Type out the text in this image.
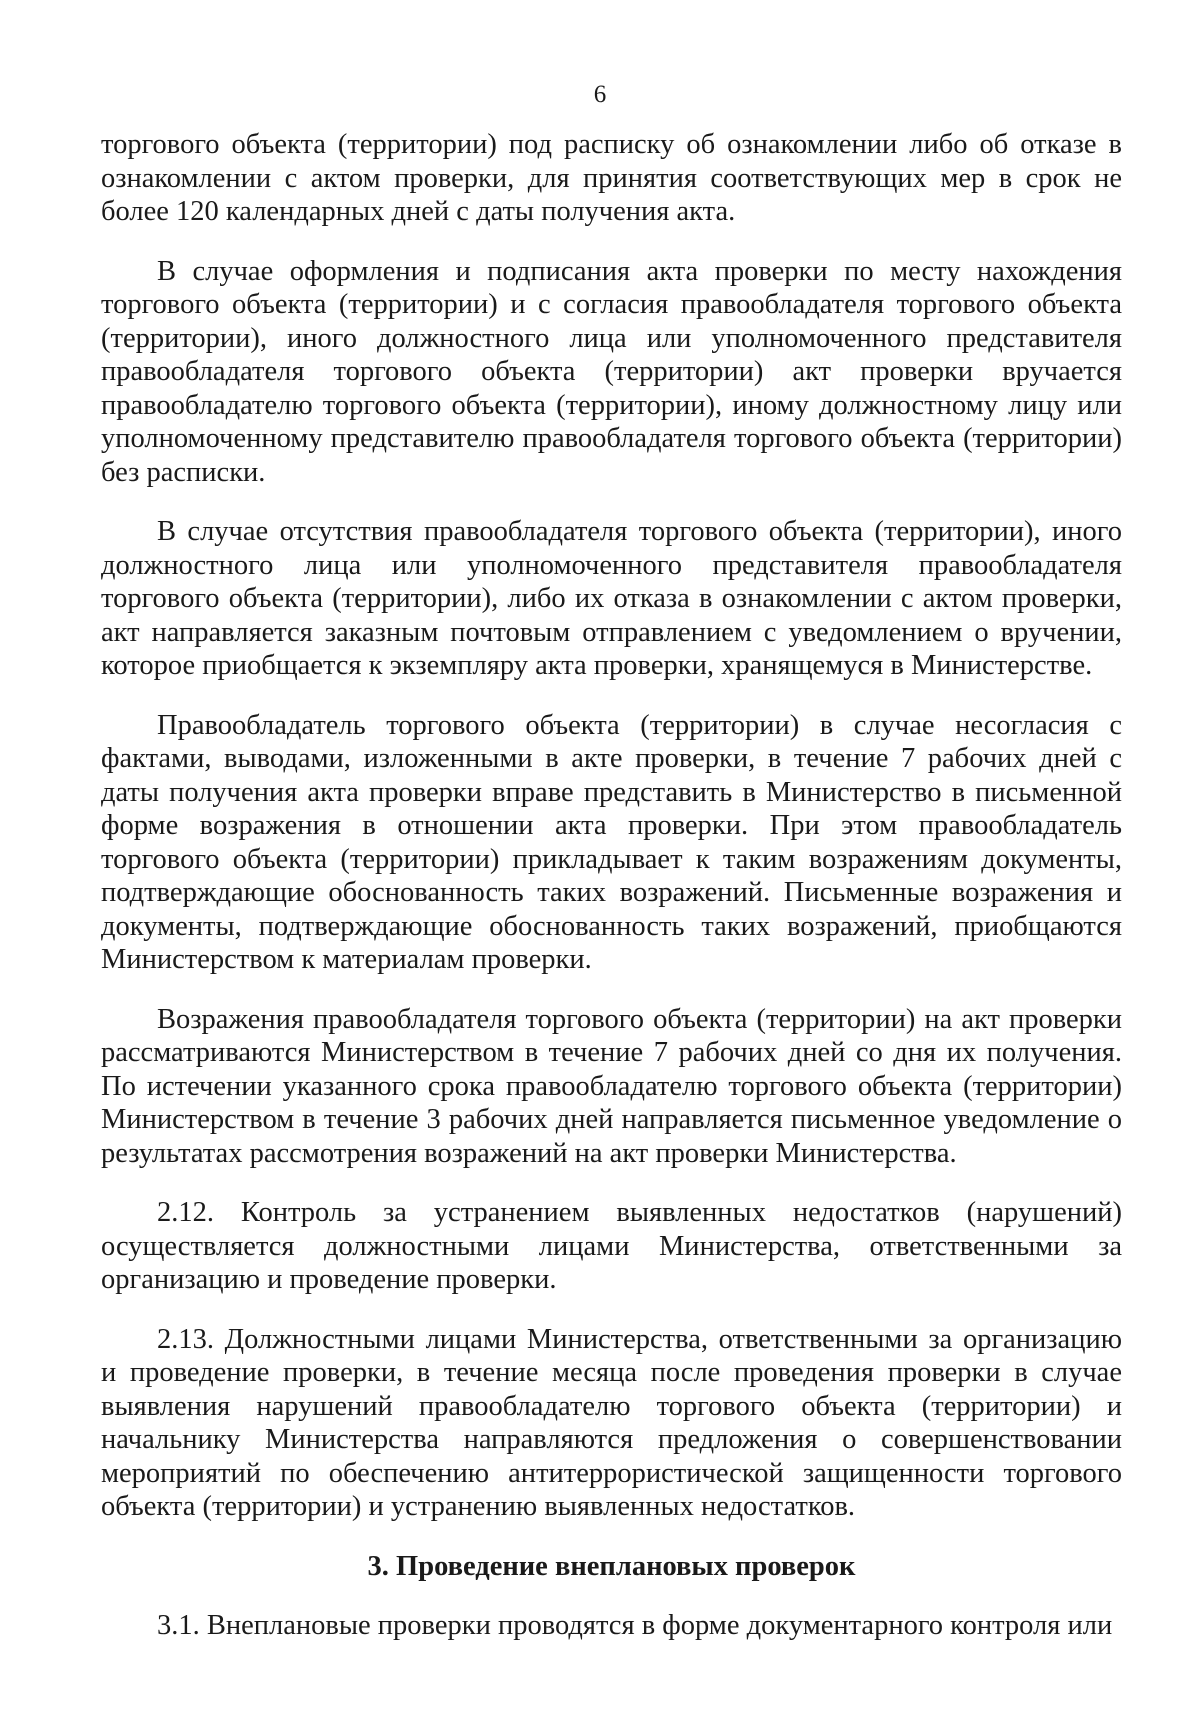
6

торгового объекта (территории) под расписку об ознакомлении либо об отказе в ознакомлении с актом проверки, для принятия соответствующих мер в срок не более 120 календарных дней с даты получения акта.

В случае оформления и подписания акта проверки по месту нахождения торгового объекта (территории) и с согласия правообладателя торгового объекта (территории), иного должностного лица или уполномоченного представителя правообладателя торгового объекта (территории) акт проверки вручается правообладателю торгового объекта (территории), иному должностному лицу или уполномоченному представителю правообладателя торгового объекта (территории) без расписки.

В случае отсутствия правообладателя торгового объекта (территории), иного должностного лица или уполномоченного представителя правообладателя торгового объекта (территории), либо их отказа в ознакомлении с актом проверки, акт направляется заказным почтовым отправлением с уведомлением о вручении, которое приобщается к экземпляру акта проверки, хранящемуся в Министерстве.

Правообладатель торгового объекта (территории) в случае несогласия с фактами, выводами, изложенными в акте проверки, в течение 7 рабочих дней с даты получения акта проверки вправе представить в Министерство в письменной форме возражения в отношении акта проверки. При этом правообладатель торгового объекта (территории) прикладывает к таким возражениям документы, подтверждающие обоснованность таких возражений. Письменные возражения и документы, подтверждающие обоснованность таких возражений, приобщаются Министерством к материалам проверки.

Возражения правообладателя торгового объекта (территории) на акт проверки рассматриваются Министерством в течение 7 рабочих дней со дня их получения. По истечении указанного срока правообладателю торгового объекта (территории) Министерством в течение 3 рабочих дней направляется письменное уведомление о результатах рассмотрения возражений на акт проверки Министерства.

2.12. Контроль за устранением выявленных недостатков (нарушений) осуществляется должностными лицами Министерства, ответственными за организацию и проведение проверки.

2.13. Должностными лицами Министерства, ответственными за организацию и проведение проверки, в течение месяца после проведения проверки в случае выявления нарушений правообладателю торгового объекта (территории) и начальнику Министерства направляются предложения о совершенствовании мероприятий по обеспечению антитеррористической защищенности торгового объекта (территории) и устранению выявленных недостатков.

3. Проведение внеплановых проверок

3.1. Внеплановые проверки проводятся в форме документарного контроля или
